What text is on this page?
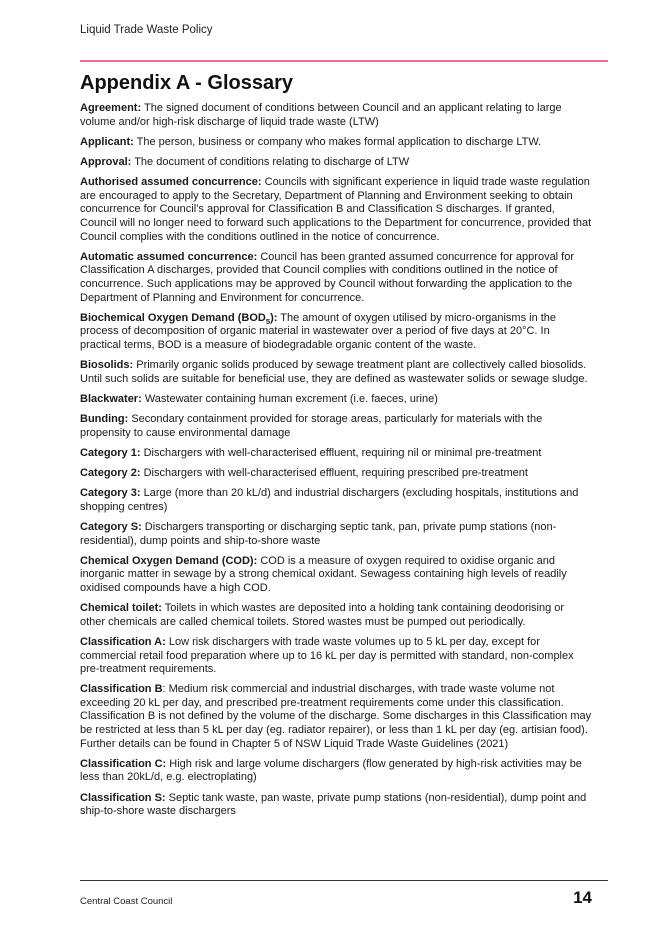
Liquid Trade Waste Policy
Appendix A - Glossary

Agreement: The signed document of conditions between Council and an applicant relating to large volume and/or high-risk discharge of liquid trade waste (LTW)

Applicant: The person, business or company who makes formal application to discharge LTW.

Approval: The document of conditions relating to discharge of LTW

Authorised assumed concurrence: Councils with significant experience in liquid trade waste regulation are encouraged to apply to the Secretary, Department of Planning and Environment seeking to obtain concurrence for Council’s approval for Classification B and Classification S discharges. If granted, Council will no longer need to forward such applications to the Department for concurrence, provided that Council complies with the conditions outlined in the notice of concurrence.

Automatic assumed concurrence: Council has been granted assumed concurrence for approval for Classification A discharges, provided that Council complies with conditions outlined in the notice of concurrence. Such applications may be approved by Council without forwarding the application to the Department of Planning and Environment for concurrence.

Biochemical Oxygen Demand $(BOD_5)$: The amount of oxygen utilised by micro-organisms in the process of decomposition of organic material in wastewater over a period of five days at 20°C. In practical terms, BOD is a measure of biodegradable organic content of the waste.

Biosolids: Primarily organic solids produced by sewage treatment plant are collectively called biosolids. Until such solids are suitable for beneficial use, they are defined as wastewater solids or sewage sludge.

Blackwater: Wastewater containing human excrement (i.e. faeces, urine)

Bunding: Secondary containment provided for storage areas, particularly for materials with the propensity to cause environmental damage

Category 1: Dischargers with well-characterised effluent, requiring nil or minimal pre-treatment

Category 2: Dischargers with well-characterised effluent, requiring prescribed pre-treatment

Category 3: Large (more than 20 kL/d) and industrial dischargers (excluding hospitals, institutions and shopping centres)

Category S: Dischargers transporting or discharging septic tank, pan, private pump stations (non-residential), dump points and ship-to-shore waste

Chemical Oxygen Demand (COD): COD is a measure of oxygen required to oxidise organic and inorganic matter in sewage by a strong chemical oxidant. Sewagess containing high levels of readily oxidised compounds have a high COD.

Chemical toilet: Toilets in which wastes are deposited into a holding tank containing deodorising or other chemicals are called chemical toilets. Stored wastes must be pumped out periodically.

Classification A: Low risk dischargers with trade waste volumes up to 5 kL per day, except for commercial retail food preparation where up to 16 kL per day is permitted with standard, non-complex pre-treatment requirements.

Classification B: Medium risk commercial and industrial discharges, with trade waste volume not exceeding 20 kL per day, and prescribed pre-treatment requirements come under this classification. Classification B is not defined by the volume of the discharge. Some discharges in this Classification may be restricted at less than 5 kL per day (eg. radiator repairer), or less than 1 kL per day (eg. artisian food). Further details can be found in Chapter 5 of NSW Liquid Trade Waste Guidelines (2021)

Classification C: High risk and large volume dischargers (flow generated by high-risk activities may be less than 20kL/d, e.g. electroplating)

Classification S: Septic tank waste, pan waste, private pump stations (non-residential), dump point and ship-to-shore waste dischargers

Central Coast Council	14
